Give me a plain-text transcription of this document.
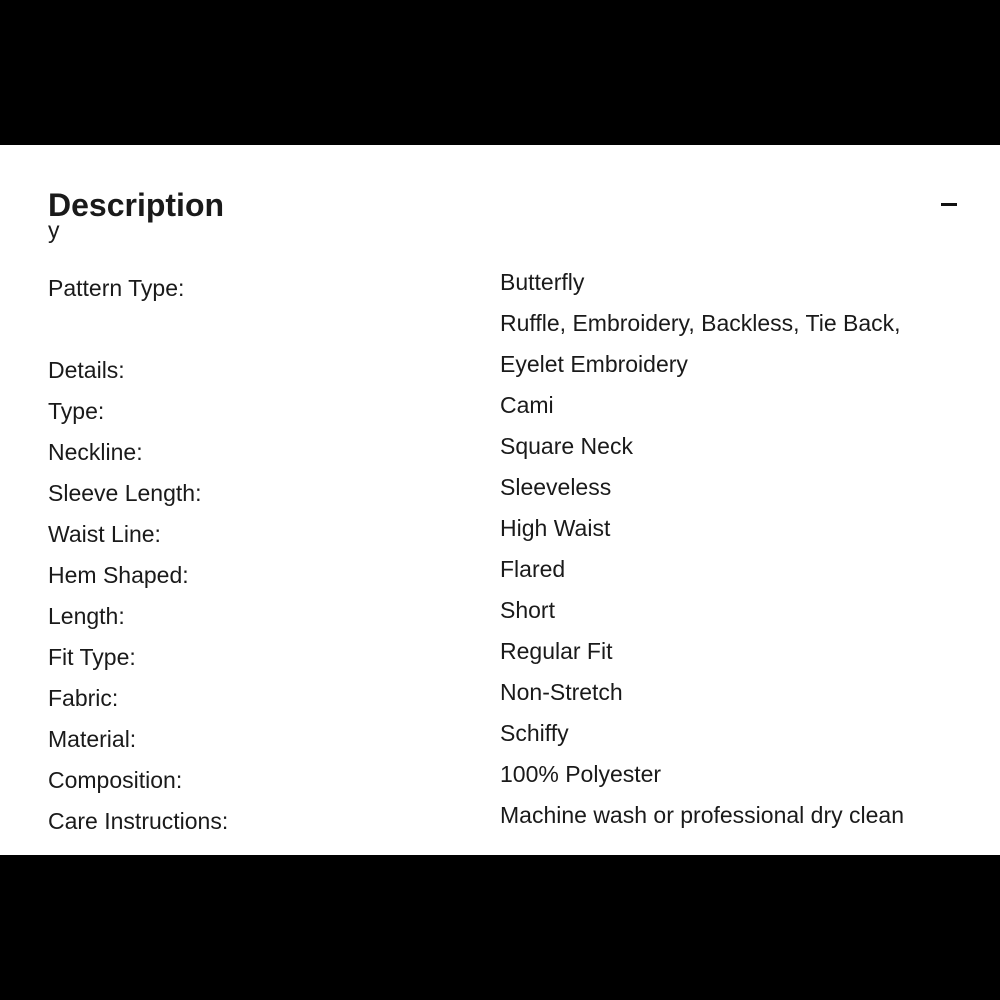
Description
y
Pattern Type:	Butterfly
Details:
Ruffle, Embroidery, Backless, Tie Back, Eyelet Embroidery
Type:	Cami
Neckline:	Square Neck
Sleeve Length:	Sleeveless
Waist Line:	High Waist
Hem Shaped:	Flared
Length:	Short
Fit Type:	Regular Fit
Fabric:	Non-Stretch
Material:	Schiffy
Composition:	100% Polyester
Care Instructions:	Machine wash or professional dry clean
